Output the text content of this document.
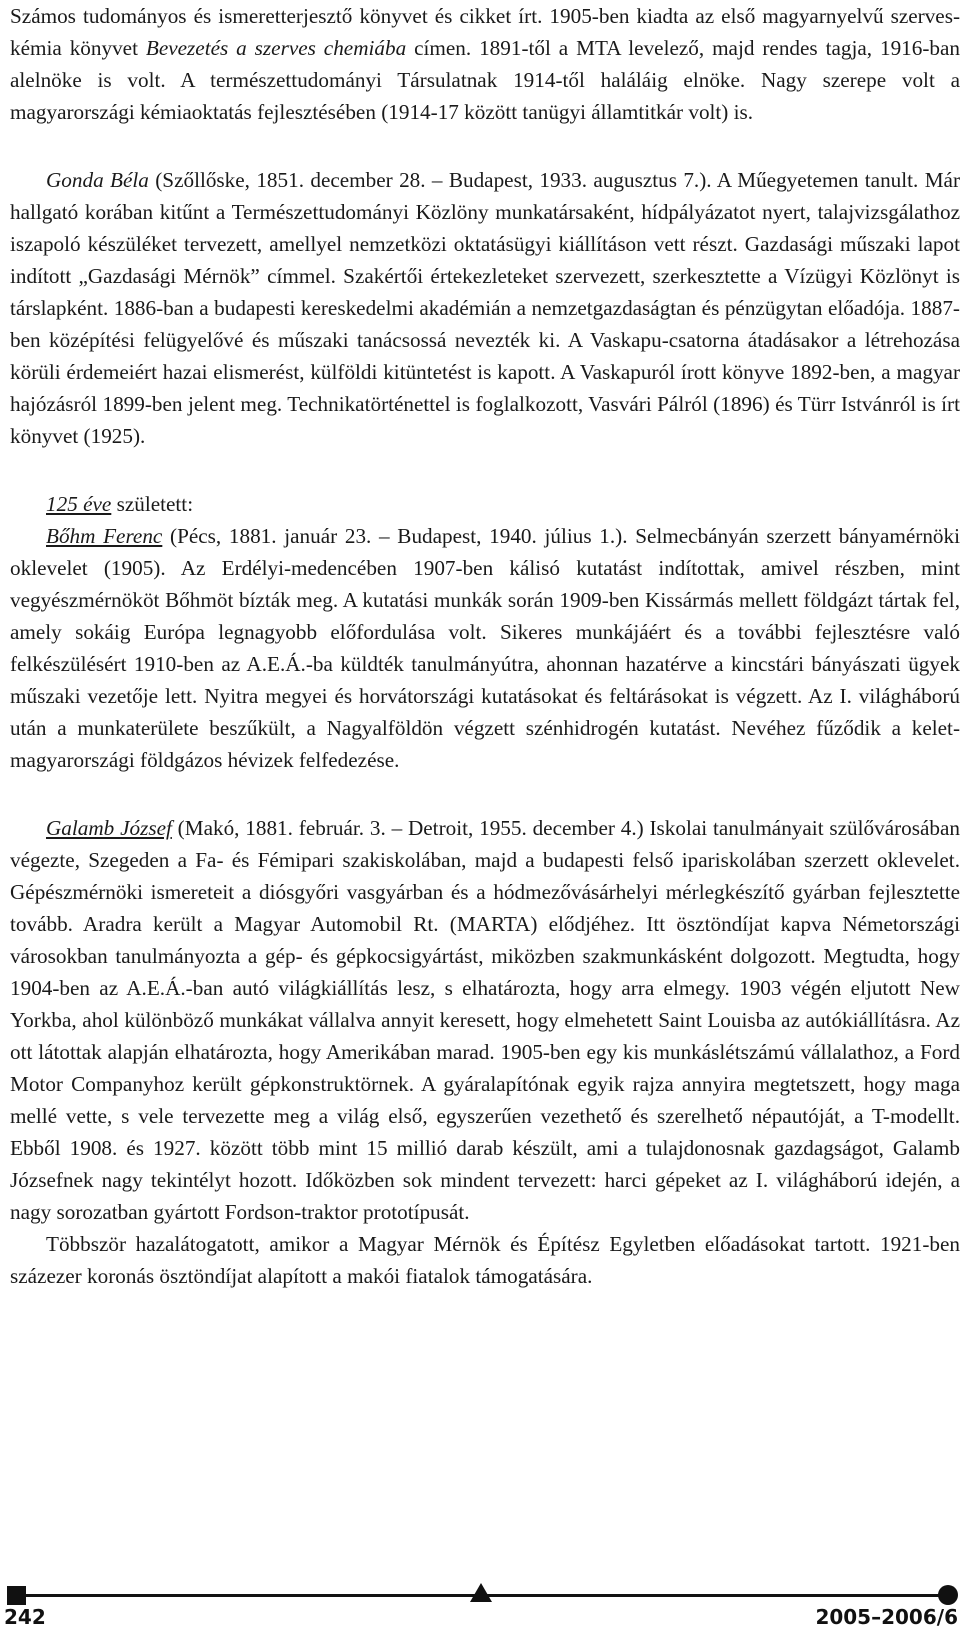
Számos tudományos és ismeretterjesztő könyvet és cikket írt. 1905-ben kiadta az első magyarnyelvű szerves-kémia könyvet Bevezetés a szerves chemiába címen. 1891-től a MTA levelező, majd rendes tagja, 1916-ban alelnöke is volt. A természettudományi Társulatnak 1914-től haláláig elnöke. Nagy szerepe volt a magyarországi kémiaoktatás fejlesztésében (1914-17 között tanügyi államtitkár volt) is.

Gonda Béla (Szőllőske, 1851. december 28. – Budapest, 1933. augusztus 7.). A Műegyetemen tanult. Már hallgató korában kitűnt a Természettudományi Közlöny munkatársaként, hídpályázatot nyert, talajvizsgálathoz iszapoló készüléket tervezett, amellyel nemzetközi oktatásügyi kiállításon vett részt. Gazdasági műszaki lapot indított „Gazdasági Mérnök” címmel. Szakértői értekezleteket szervezett, szerkesztette a Vízügyi Közlönyt is társlapként. 1886-ban a budapesti kereskedelmi akadémián a nemzetgazdaságtan és pénzügytan előadója. 1887-ben középítési felügyelővé és műszaki tanácsossá nevezték ki. A Vaskapu-csatorna átadásakor a létrehozása körüli érdemeiért hazai elismerést, külföldi kitüntetést is kapott. A Vaskapuról írott könyve 1892-ben, a magyar hajózásról 1899-ben jelent meg. Technikatörténettel is foglalkozott, Vasvári Pálról (1896) és Türr Istvánról is írt könyvet (1925).

125 éve született:

Bőhm Ferenc (Pécs, 1881. január 23. – Budapest, 1940. július 1.). Selmecbányán szerzett bányamérnöki oklevelet (1905). Az Erdélyi-medencében 1907-ben kálisó kutatást indítottak, amivel részben, mint vegyészmérnököt Bőhmöt bízták meg. A kutatási munkák során 1909-ben Kissármás mellett földgázt tártak fel, amely sokáig Európa legnagyobb előfordulása volt. Sikeres munkájáért és a további fejlesztésre való felkészülésért 1910-ben az A.E.Á.-ba küldték tanulmányútra, ahonnan hazatérve a kincstári bányászati ügyek műszaki vezetője lett. Nyitra megyei és horvátországi kutatásokat és feltárásokat is végzett. Az I. világháború után a munkaterülete beszűkült, a Nagyalföldön végzett szénhidrogén kutatást. Nevéhez fűződik a kelet-magyarországi földgázos hévizek felfedezése.

Galamb József (Makó, 1881. február. 3. – Detroit, 1955. december 4.) Iskolai tanulmányait szülővárosában végezte, Szegeden a Fa- és Fémipari szakiskolában, majd a budapesti felső ipariskolában szerzett oklevelet. Gépészmérnöki ismereteit a diósgyőri vasgyárban és a hódmezővásárhelyi mérlegkészítő gyárban fejlesztette tovább. Aradra került a Magyar Automobil Rt. (MARTA) elődjéhez. Itt ösztöndíjat kapva Németországi városokban tanulmányozta a gép- és gépkocsigyártást, miközben szakmunkásként dolgozott. Megtudta, hogy 1904-ben az A.E.Á.-ban autó világkiállítás lesz, s elhatározta, hogy arra elmegy. 1903 végén eljutott New Yorkba, ahol különböző munkákat vállalva annyit keresett, hogy elmehetett Saint Louisba az autókiállításra. Az ott látottak alapján elhatározta, hogy Amerikában marad. 1905-ben egy kis munkáslétszámú vállalathoz, a Ford Motor Companyhoz került gépkonstruktörnek. A gyáralapítónak egyik rajza annyira megtetszett, hogy maga mellé vette, s vele tervezette meg a világ első, egyszerűen vezethető és szerelhető népautóját, a T-modellt. Ebből 1908. és 1927. között több mint 15 millió darab készült, ami a tulajdonosnak gazdagságot, Galamb Józsefnek nagy tekintélyt hozott. Időközben sok mindent tervezett: harci gépeket az I. világháború idején, a nagy sorozatban gyártott Fordson-traktor prototípusát.

Többször hazalátogatott, amikor a Magyar Mérnök és Építész Egyletben előadásokat tartott. 1921-ben százezer koronás ösztöndíjat alapított a makói fiatalok támogatására.

242	2005–2006/6
